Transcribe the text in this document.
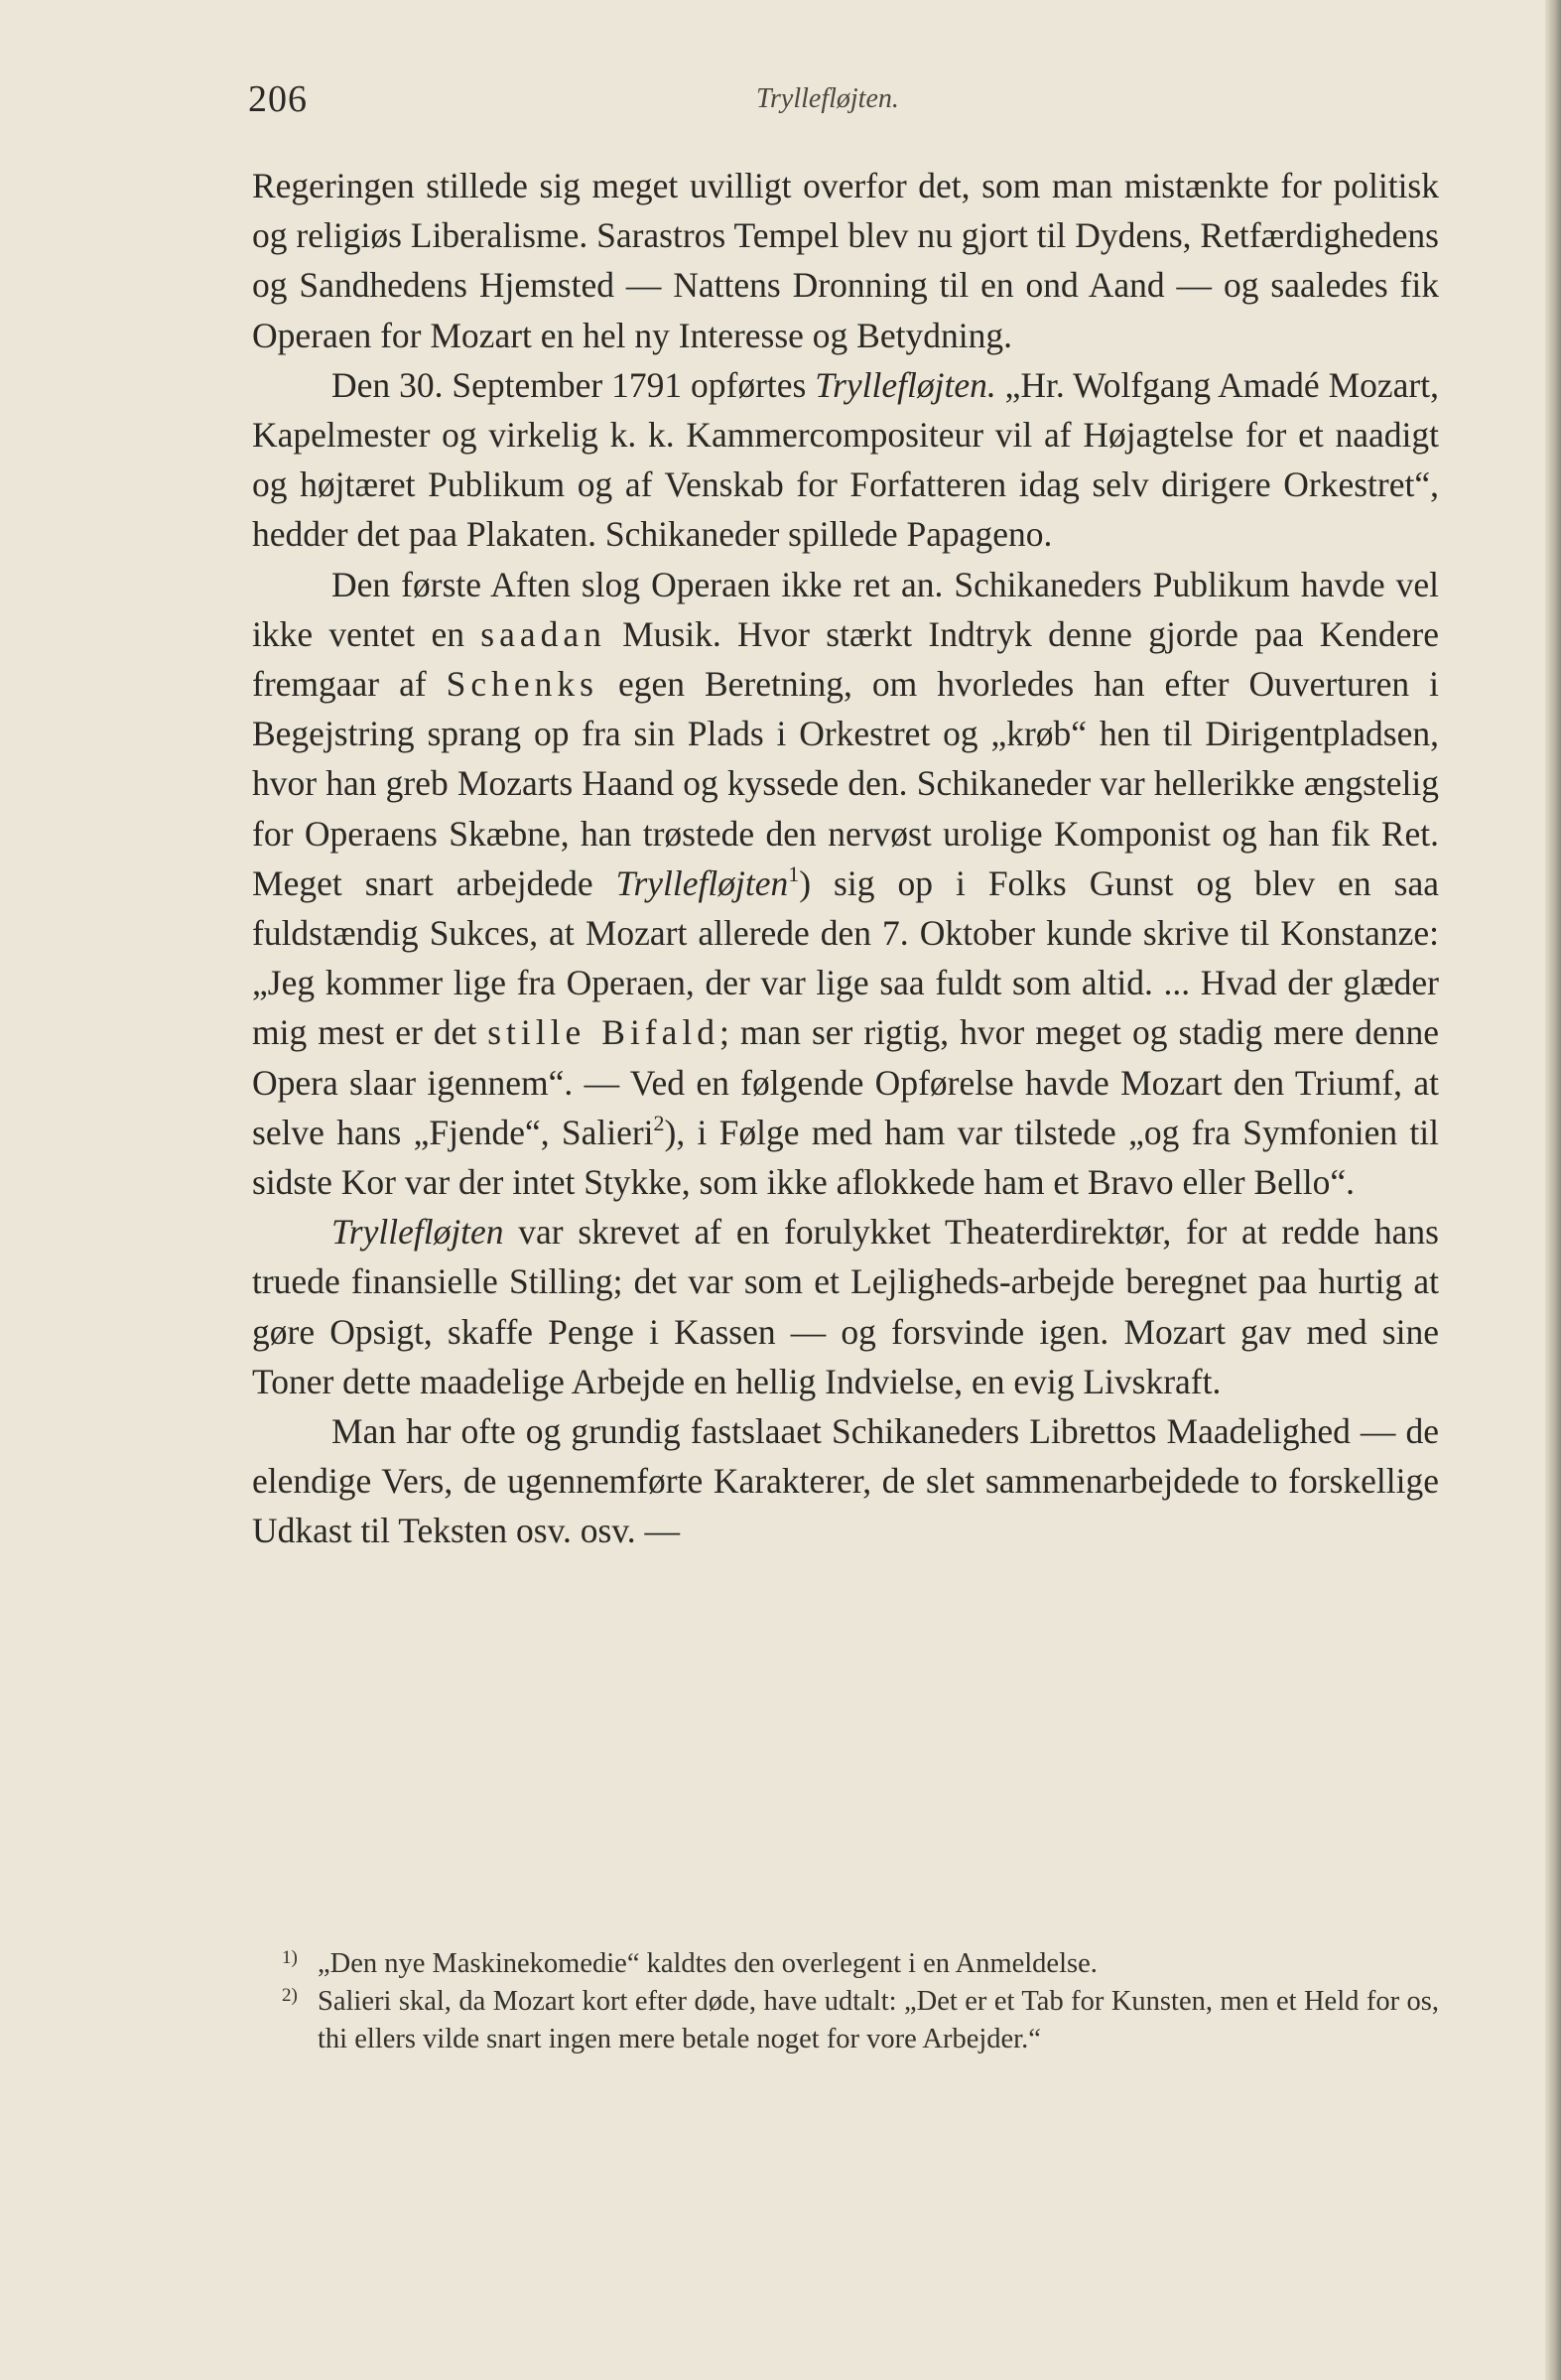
206	Tryllefløjten.

Regeringen stillede sig meget uvilligt overfor det, som man mistænkte for politisk og religiøs Liberalisme. Sarastros Tempel blev nu gjort til Dydens, Retfærdighedens og Sandhedens Hjemsted — Nattens Dronning til en ond Aand — og saaledes fik Operaen for Mozart en hel ny Interesse og Betydning.

Den 30. September 1791 opførtes Tryllefløjten. „Hr. Wolfgang Amadé Mozart, Kapelmester og virkelig k. k. Kammercompositeur vil af Højagtelse for et naadigt og højtæret Publikum og af Venskab for Forfatteren idag selv dirigere Orkestret“, hedder det paa Plakaten. Schikaneder spillede Papageno.

Den første Aften slog Operaen ikke ret an. Schikaneders Publikum havde vel ikke ventet en saadan Musik. Hvor stærkt Indtryk denne gjorde paa Kendere fremgaar af Schenks egen Beretning, om hvorledes han efter Ouverturen i Begejstring sprang op fra sin Plads i Orkestret og „krøb“ hen til Dirigentpladsen, hvor han greb Mozarts Haand og kyssede den. Schikaneder var hellerikke ængstelig for Operaens Skæbne, han trøstede den nervøst urolige Komponist og han fik Ret. Meget snart arbejdede Tryllefløjten$^1$) sig op i Folks Gunst og blev en saa fuldstændig Sukces, at Mozart allerede den 7. Oktober kunde skrive til Konstanze: „Jeg kommer lige fra Operaen, der var lige saa fuldt som altid. ... Hvad der glæder mig mest er det stille Bifald; man ser rigtig, hvor meget og stadig mere denne Opera slaar igennem“. — Ved en følgende Opførelse havde Mozart den Triumf, at selve hans „Fjende“, Salieri$^2$), i Følge med ham var tilstede „og fra Symfonien til sidste Kor var der intet Stykke, som ikke aflokkede ham et Bravo eller Bello“.

Tryllefløjten var skrevet af en forulykket Theaterdirektør, for at redde hans truede finansielle Stilling; det var som et Lejligheds-arbejde beregnet paa hurtig at gøre Opsigt, skaffe Penge i Kassen — og forsvinde igen. Mozart gav med sine Toner dette maadelige Arbejde en hellig Indvielse, en evig Livskraft.

Man har ofte og grundig fastslaaet Schikaneders Librettos Maadelighed — de elendige Vers, de ugennemførte Karakterer, de slet sammenarbejdede to forskellige Udkast til Teksten osv. osv. —

1) „Den nye Maskinekomedie“ kaldtes den overlegent i en Anmeldelse.

2) Salieri skal, da Mozart kort efter døde, have udtalt: „Det er et Tab for Kunsten, men et Held for os, thi ellers vilde snart ingen mere betale noget for vore Arbejder.“
